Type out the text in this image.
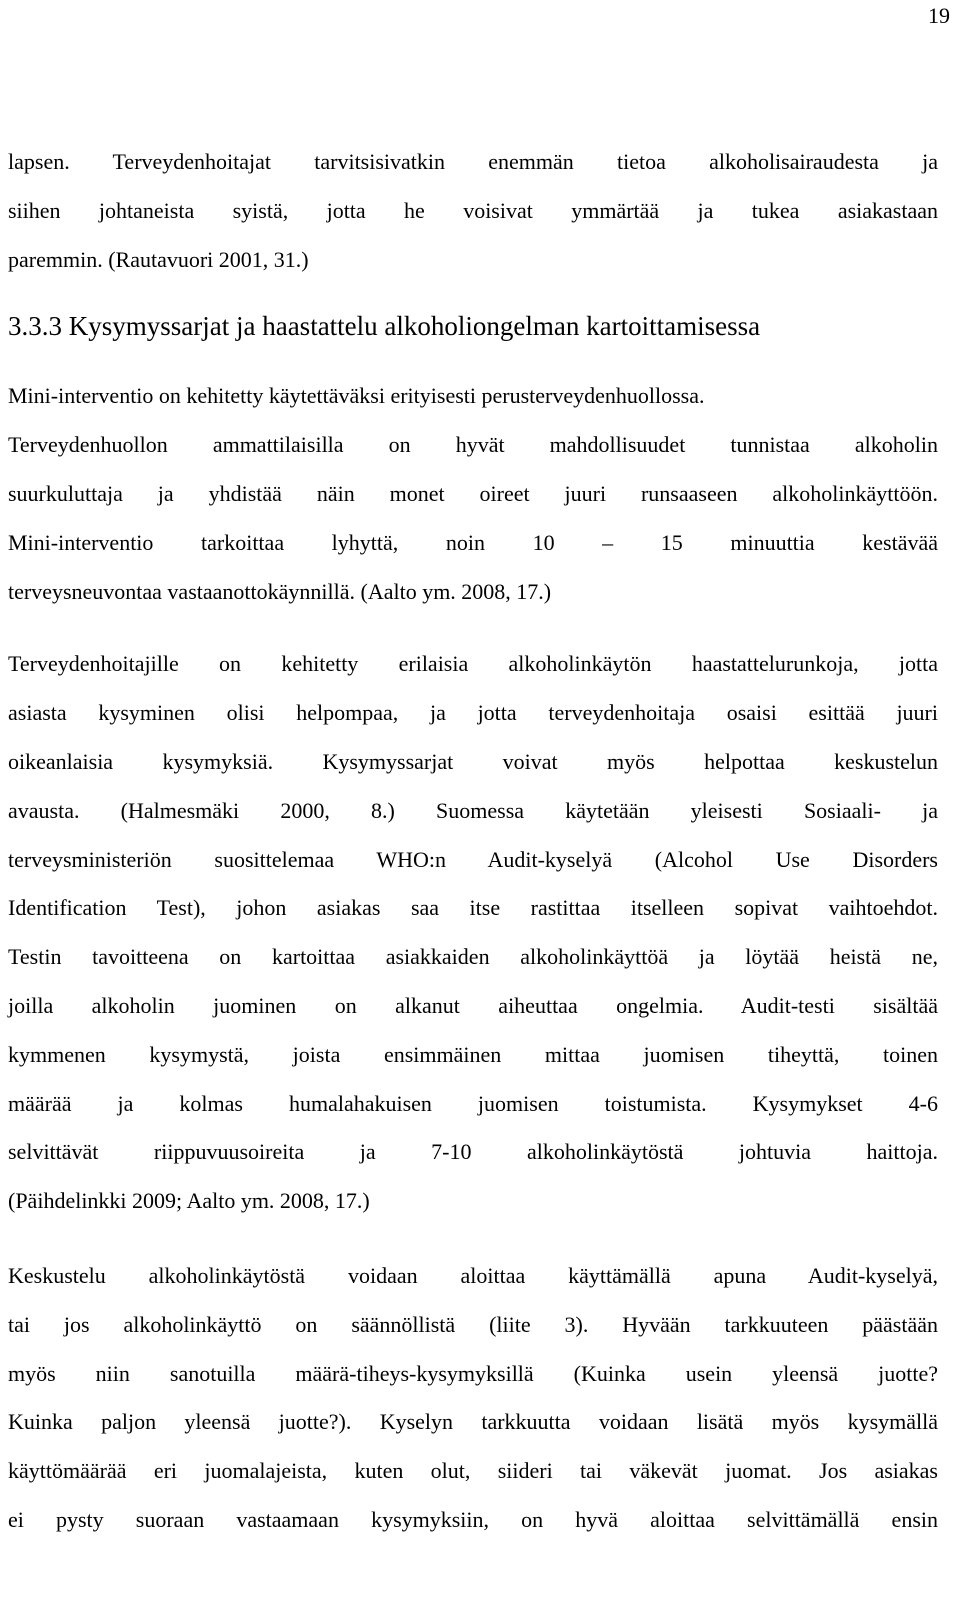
19

lapsen. Terveydenhoitajat tarvitsisivatkin enemmän tietoa alkoholisairaudesta ja
siihen johtaneista syistä, jotta he voisivat ymmärtää ja tukea asiakastaan
paremmin. (Rautavuori 2001, 31.)

3.3.3 Kysymyssarjat ja haastattelu alkoholiongelman kartoittamisessa

Mini-interventio on kehitetty käytettäväksi erityisesti perusterveydenhuollossa.
Terveydenhuollon ammattilaisilla on hyvät mahdollisuudet tunnistaa alkoholin
suurkuluttaja ja yhdistää näin monet oireet juuri runsaaseen alkoholinkäyttöön.
Mini-interventio tarkoittaa lyhyttä, noin 10 – 15 minuuttia kestävää
terveysneuvontaa vastaanottokäynnillä. (Aalto ym. 2008, 17.)

Terveydenhoitajille on kehitetty erilaisia alkoholinkäytön haastattelurunkoja, jotta
asiasta kysyminen olisi helpompaa, ja jotta terveydenhoitaja osaisi esittää juuri
oikeanlaisia kysymyksiä. Kysymyssarjat voivat myös helpottaa keskustelun
avausta. (Halmesmäki 2000, 8.) Suomessa käytetään yleisesti Sosiaali- ja
terveysministeriön suosittelemaa WHO:n Audit-kyselyä (Alcohol Use Disorders
Identification Test), johon asiakas saa itse rastittaa itselleen sopivat vaihtoehdot.
Testin tavoitteena on kartoittaa asiakkaiden alkoholinkäyttöä ja löytää heistä ne,
joilla alkoholin juominen on alkanut aiheuttaa ongelmia. Audit-testi sisältää
kymmenen kysymystä, joista ensimmäinen mittaa juomisen tiheyttä, toinen
määrää ja kolmas humalahakuisen juomisen toistumista. Kysymykset 4-6
selvittävät riippuvuusoireita ja 7-10 alkoholinkäytöstä johtuvia haittoja.
(Päihdelinkki 2009; Aalto ym. 2008, 17.)

Keskustelu alkoholinkäytöstä voidaan aloittaa käyttämällä apuna Audit-kyselyä,
tai jos alkoholinkäyttö on säännöllistä (liite 3). Hyvään tarkkuuteen päästään
myös niin sanotuilla määrä-tiheys-kysymyksillä (Kuinka usein yleensä juotte?
Kuinka paljon yleensä juotte?). Kyselyn tarkkuutta voidaan lisätä myös kysymällä
käyttömäärää eri juomalajeista, kuten olut, siideri tai väkevät juomat. Jos asiakas
ei pysty suoraan vastaamaan kysymyksiin, on hyvä aloittaa selvittämällä ensin
